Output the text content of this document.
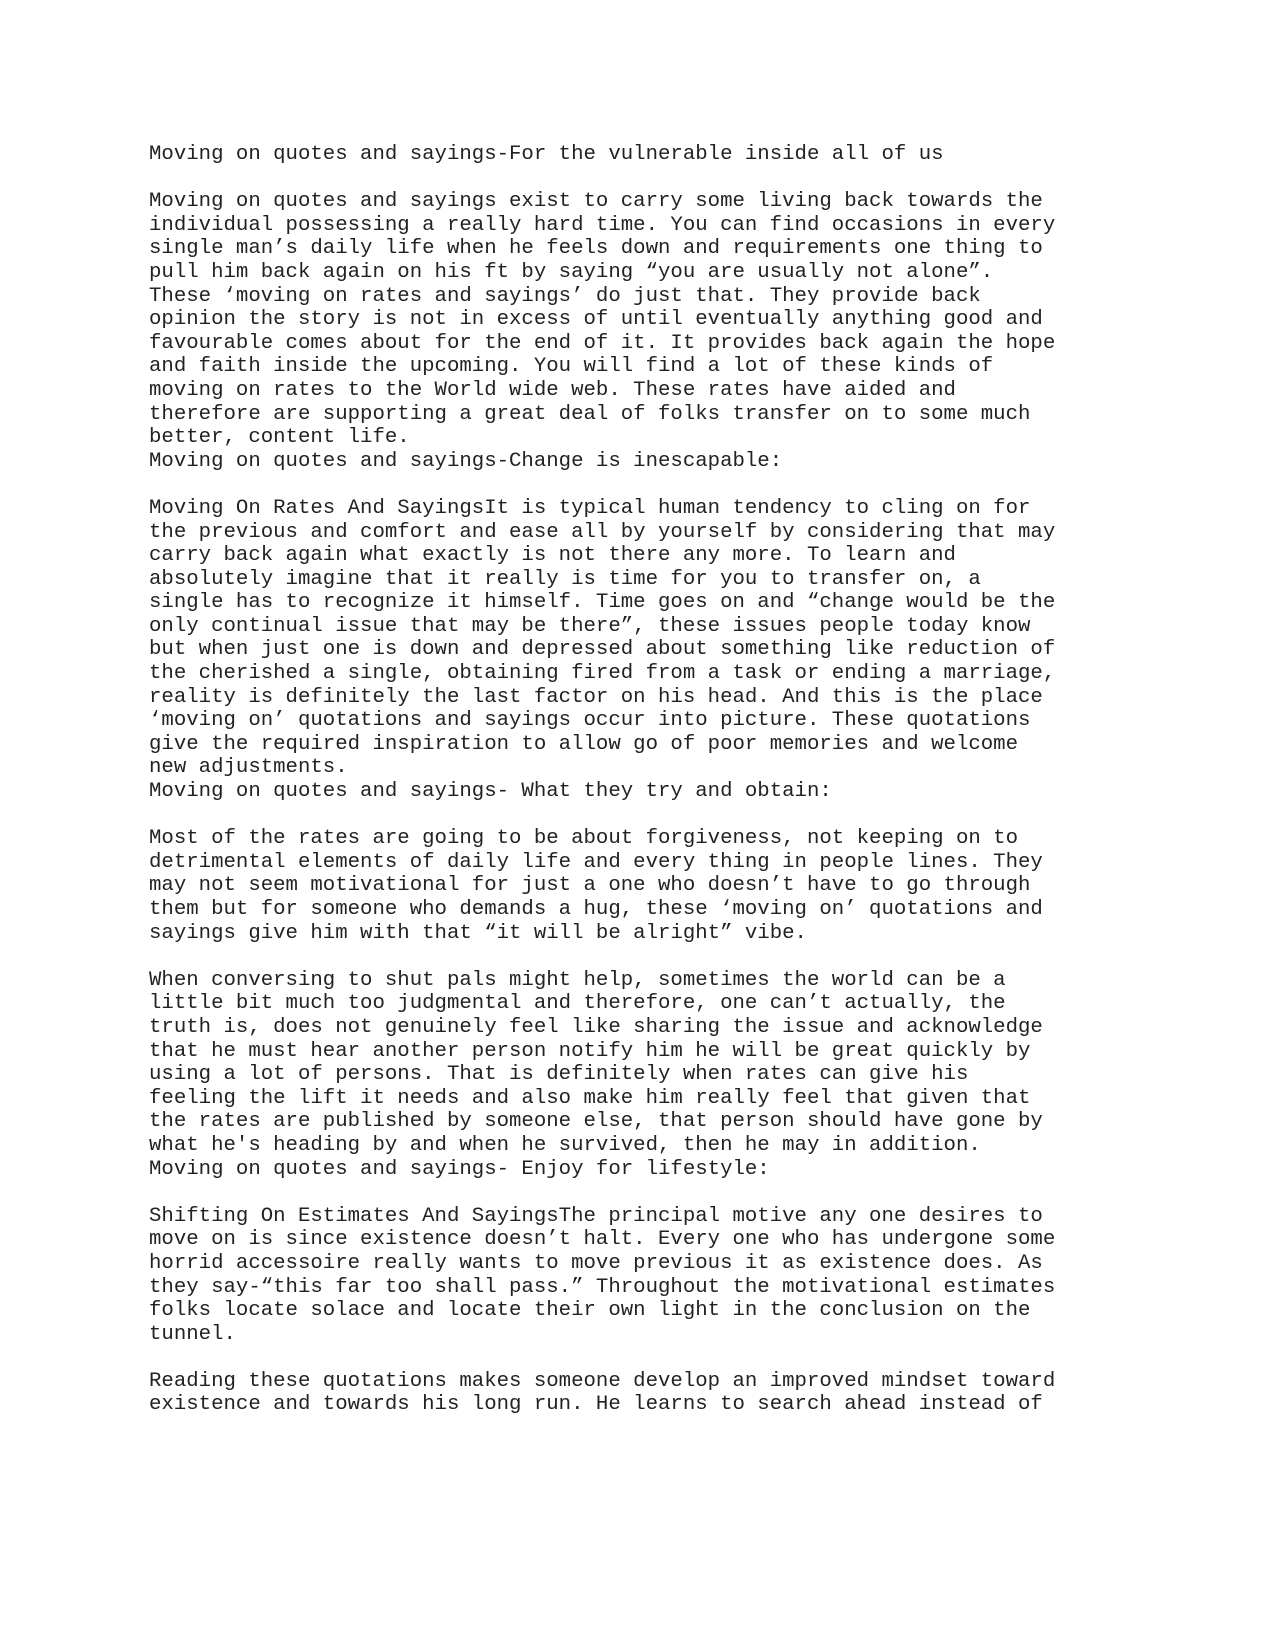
Moving on quotes and sayings-For the vulnerable inside all of us
Moving on quotes and sayings exist to carry some living back towards the
individual possessing a really hard time. You can find occasions in every
single man’s daily life when he feels down and requirements one thing to
pull him back again on his ft by saying “you are usually not alone”.
These ‘moving on rates and sayings’ do just that. They provide back
opinion the story is not in excess of until eventually anything good and
favourable comes about for the end of it. It provides back again the hope
and faith inside the upcoming. You will find a lot of these kinds of
moving on rates to the World wide web. These rates have aided and
therefore are supporting a great deal of folks transfer on to some much
better, content life.
Moving on quotes and sayings-Change is inescapable:
Moving On Rates And SayingsIt is typical human tendency to cling on for
the previous and comfort and ease all by yourself by considering that may
carry back again what exactly is not there any more. To learn and
absolutely imagine that it really is time for you to transfer on, a
single has to recognize it himself. Time goes on and “change would be the
only continual issue that may be there”, these issues people today know
but when just one is down and depressed about something like reduction of
the cherished a single, obtaining fired from a task or ending a marriage,
reality is definitely the last factor on his head. And this is the place
‘moving on’ quotations and sayings occur into picture. These quotations
give the required inspiration to allow go of poor memories and welcome
new adjustments.
Moving on quotes and sayings- What they try and obtain:
Most of the rates are going to be about forgiveness, not keeping on to
detrimental elements of daily life and every thing in people lines. They
may not seem motivational for just a one who doesn’t have to go through
them but for someone who demands a hug, these ‘moving on’ quotations and
sayings give him with that “it will be alright” vibe.
When conversing to shut pals might help, sometimes the world can be a
little bit much too judgmental and therefore, one can’t actually, the
truth is, does not genuinely feel like sharing the issue and acknowledge
that he must hear another person notify him he will be great quickly by
using a lot of persons. That is definitely when rates can give his
feeling the lift it needs and also make him really feel that given that
the rates are published by someone else, that person should have gone by
what he's heading by and when he survived, then he may in addition.
Moving on quotes and sayings- Enjoy for lifestyle:
Shifting On Estimates And SayingsThe principal motive any one desires to
move on is since existence doesn’t halt. Every one who has undergone some
horrid accessoire really wants to move previous it as existence does. As
they say-“this far too shall pass.” Throughout the motivational estimates
folks locate solace and locate their own light in the conclusion on the
tunnel.
Reading these quotations makes someone develop an improved mindset toward
existence and towards his long run. He learns to search ahead instead of
